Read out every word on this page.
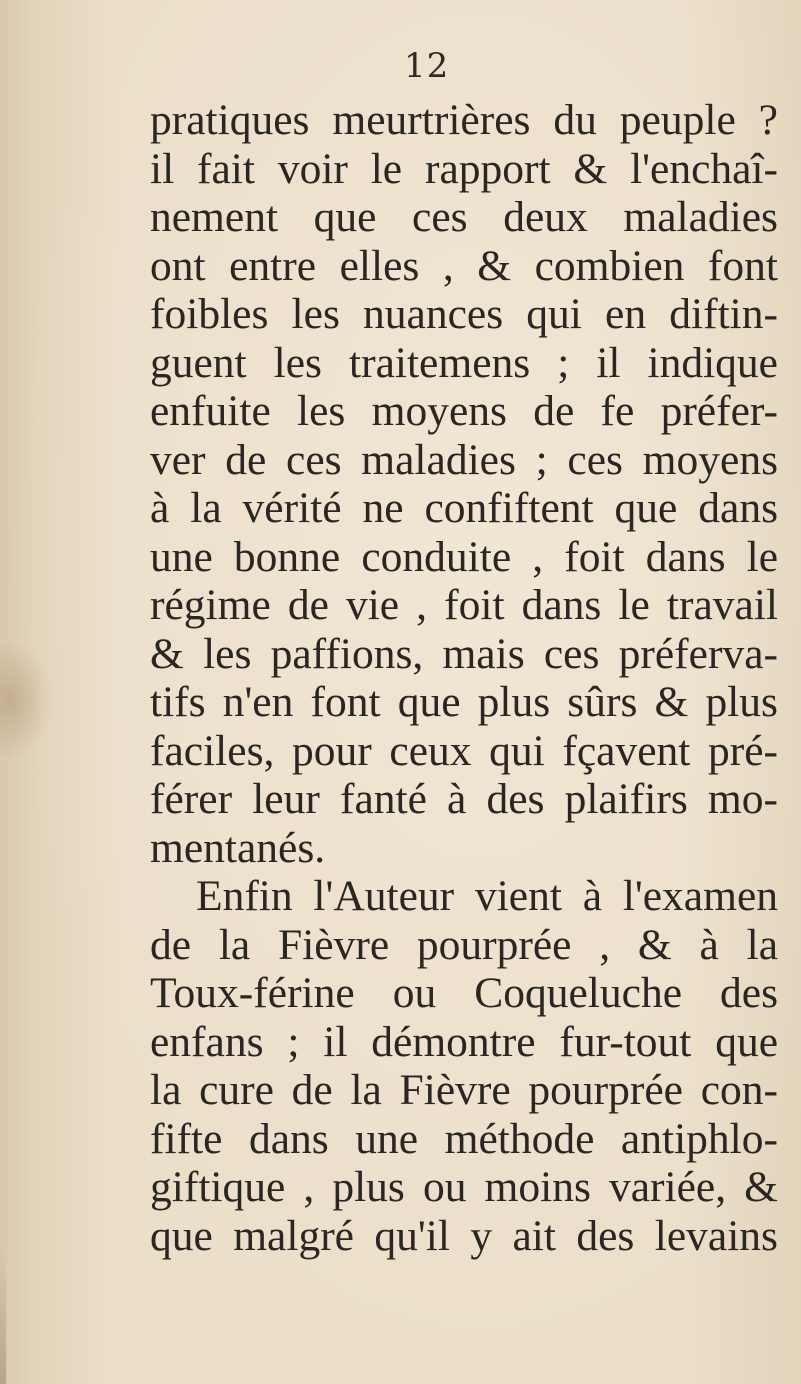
12
pratiques meurtrières du peuple ?
il fait voir le rapport & l'enchaî-
nement que ces deux maladies
ont entre elles , & combien font
foibles les nuances qui en diftin-
guent les traitemens ; il indique
enfuite les moyens de fe préfer-
ver de ces maladies ; ces moyens
à la vérité ne confiftent que dans
une bonne conduite , foit dans le
régime de vie , foit dans le travail
& les paffions, mais ces préferva-
tifs n'en font que plus sûrs & plus
faciles, pour ceux qui fçavent pré-
férer leur fanté à des plaifirs mo-
mentanés.
Enfin l'Auteur vient à l'examen
de la Fièvre pourprée , & à la
Toux-férine ou Coqueluche des
enfans ; il démontre fur-tout que
la cure de la Fièvre pourprée con-
fifte dans une méthode antiphlo-
giftique , plus ou moins variée, &
que malgré qu'il y ait des levains
